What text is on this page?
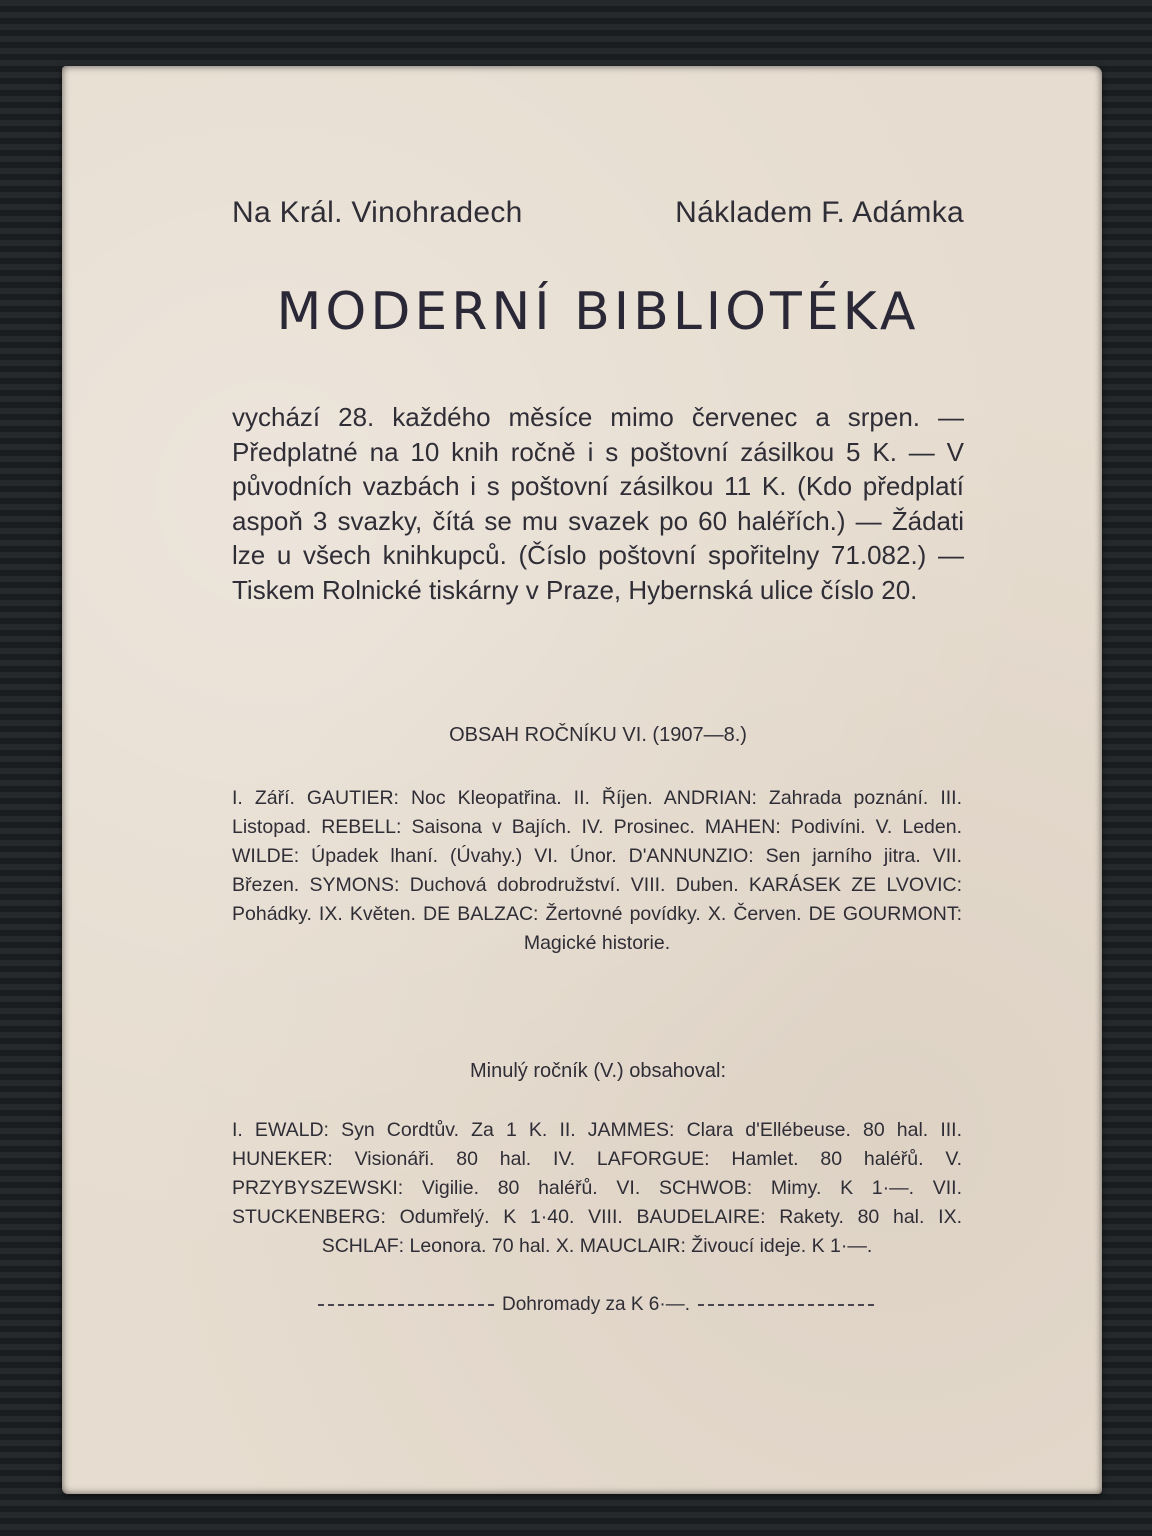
Na Král. Vinohradech	Nákladem F. Adámka
MODERNÍ BIBLIOTÉKA
vychází 28. každého měsíce mimo červenec a srpen. — Předplatné na 10 knih ročně i s poštovní zásilkou 5 K. — V původních vazbách i s poštovní zásilkou 11 K. (Kdo předplatí aspoň 3 svazky, čítá se mu svazek po 60 haléřích.) — Žádati lze u všech knihkupců. (Číslo poštovní spořitelny 71.082.) — Tiskem Rolnické tiskárny v Praze, Hybernská ulice číslo 20.
OBSAH ROČNÍKU VI. (1907—8.)
I. Září. GAUTIER: Noc Kleopatřina. II. Říjen. ANDRIAN: Zahrada poznání. III. Listopad. REBELL: Saisona v Bajích. IV. Prosinec. MAHEN: Podivíni. V. Leden. WILDE: Úpadek lhaní. (Úvahy.) VI. Únor. D'ANNUNZIO: Sen jarního jitra. VII. Březen. SYMONS: Duchová dobrodružství. VIII. Duben. KARÁSEK ZE LVOVIC: Pohádky. IX. Květen. DE BALZAC: Žertovné povídky. X. Červen. DE GOURMONT: Magické historie.
Minulý ročník (V.) obsahoval:
I. EWALD: Syn Cordtův. Za 1 K. II. JAMMES: Clara d'Ellébeuse. 80 hal. III. HUNEKER: Visionáři. 80 hal. IV. LAFORGUE: Hamlet. 80 haléřů. V. PRZYBYSZEWSKI: Vigilie. 80 haléřů. VI. SCHWOB: Mimy. K 1·—. VII. STUCKENBERG: Odumřelý. K 1·40. VIII. BAUDELAIRE: Rakety. 80 hal. IX. SCHLAF: Leonora. 70 hal. X. MAUCLAIR: Živoucí ideje. K 1·—.
Dohromady za K 6·—.
